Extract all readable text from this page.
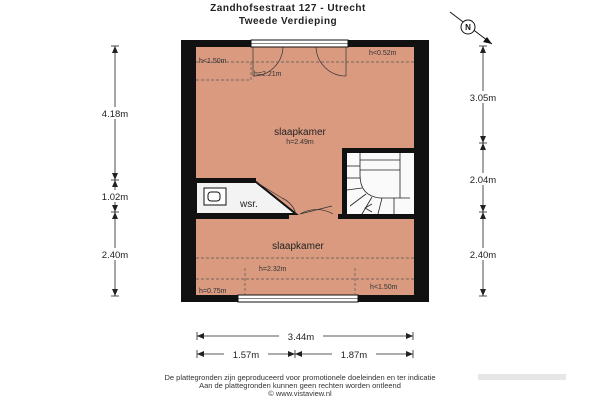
Zandhofsestraat 127 - Utrecht
Tweede Verdieping
slaapkamer
h=2.49m
wsr.
slaapkamer
h<1.50m
h<0.52m
h=2.21m
h=2.32m
h=0.75m
h<1.50m
4.18m
1.02m
2.40m
3.05m
2.04m
2.40m
3.44m
1.57m	1.87m
N
De plattegronden zijn geproduceerd voor promotionele doeleinden en ter indicatie
Aan de plattegronden kunnen geen rechten worden ontleend
© www.vistaview.nl
